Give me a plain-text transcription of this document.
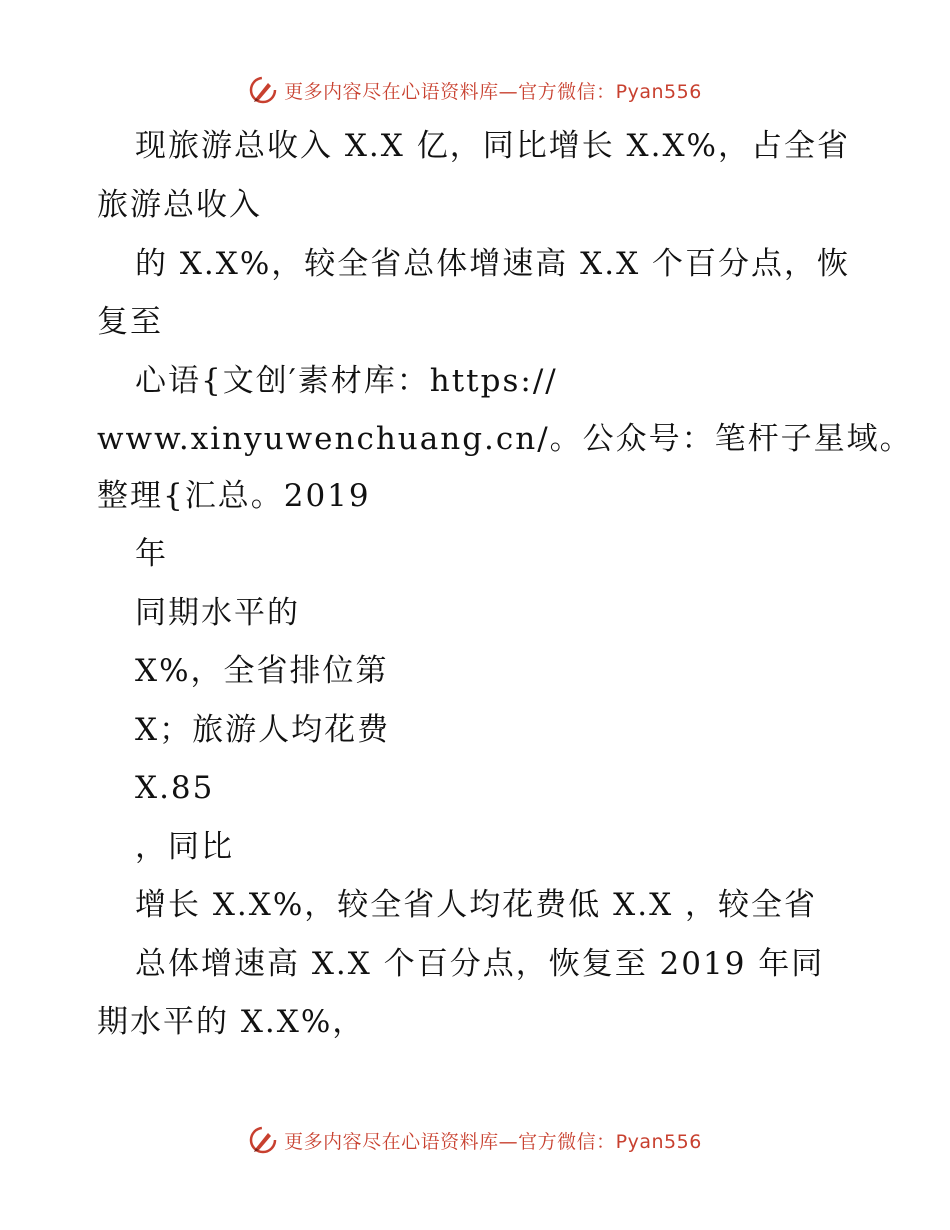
更多内容尽在心语资料库—官方微信：Pyan556
现旅游总收入 X.X 亿，同比增长 X.X%，占全省
旅游总收入
的 X.X%，较全省总体增速高 X.X 个百分点，恢
复至
心语{文创′素材库：https://
www.xinyuwenchuang.cn/。公众号：笔杆子星域。
整理{汇总。2019
年
同期水平的
X%，全省排位第
X；旅游人均花费
X.85
，同比
增长 X.X%，较全省人均花费低 X.X ，较全省
总体增速高 X.X 个百分点，恢复至 2019 年同
期水平的 X.X%，
更多内容尽在心语资料库—官方微信：Pyan556
